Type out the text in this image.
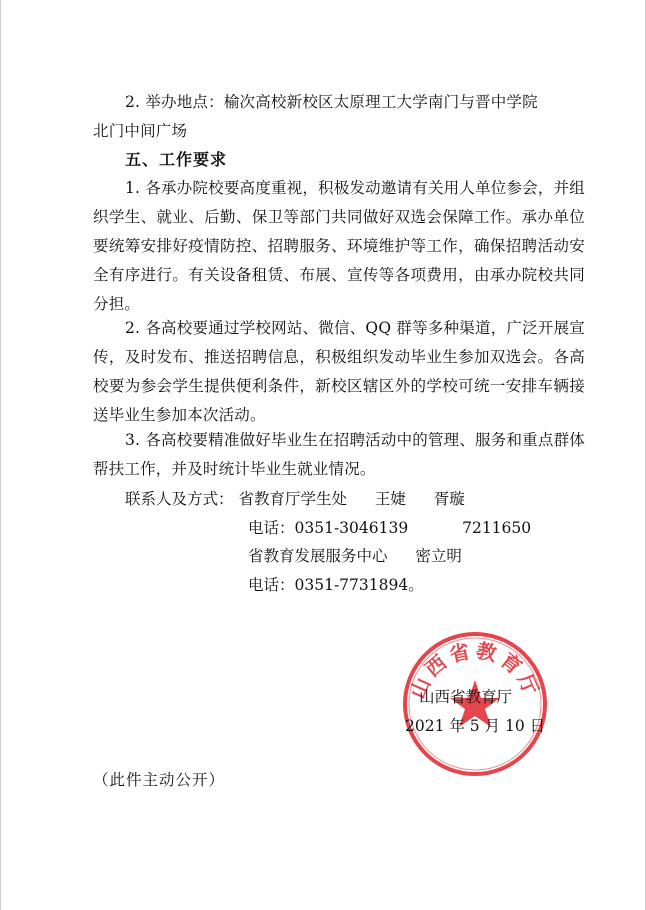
2. 举办地点：榆次高校新校区太原理工大学南门与晋中学院
北门中间广场
五、工作要求
1. 各承办院校要高度重视，积极发动邀请有关用人单位参会，并组织学生、就业、后勤、保卫等部门共同做好双选会保障工作。承办单位要统筹安排好疫情防控、招聘服务、环境维护等工作，确保招聘活动安全有序进行。有关设备租赁、布展、宣传等各项费用，由承办院校共同分担。
2. 各高校要通过学校网站、微信、QQ 群等多种渠道，广泛开展宣传，及时发布、推送招聘信息，积极组织发动毕业生参加双选会。各高校要为参会学生提供便利条件，新校区辖区外的学校可统一安排车辆接送毕业生参加本次活动。
3. 各高校要精准做好毕业生在招聘活动中的管理、服务和重点群体帮扶工作，并及时统计毕业生就业情况。
联系人及方式： 省教育厅学生处 王婕 胥璇
电话：0351-3046139	7211650
省教育发展服务中心 密立明
电话：0351-7731894。
山西省教育厅
山西省教育厅
2021 年 5 月 10 日
（此件主动公开）
